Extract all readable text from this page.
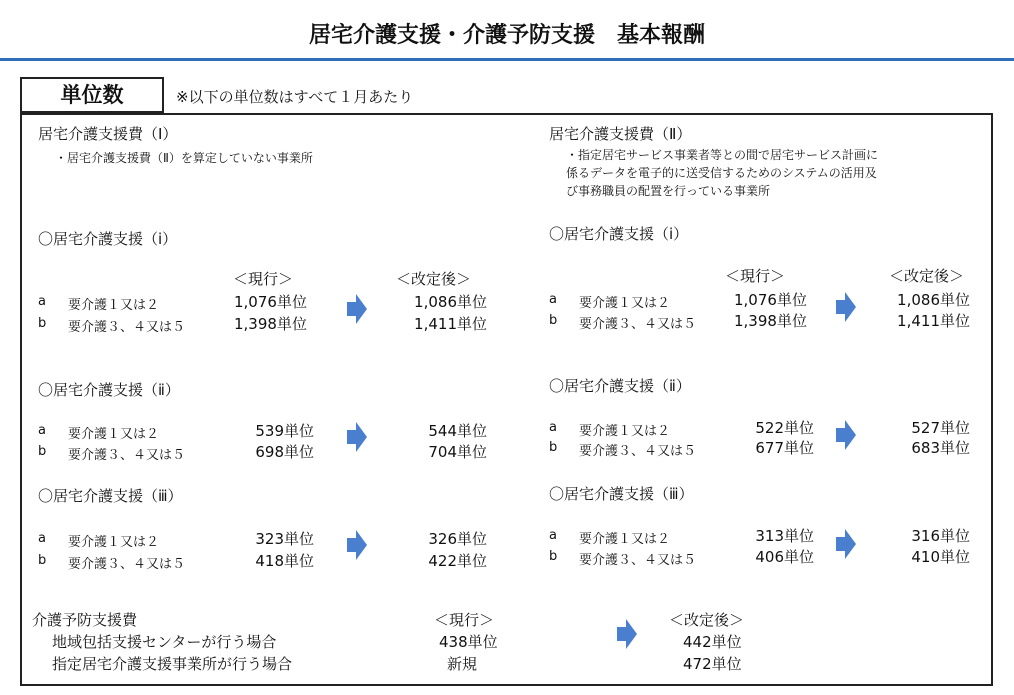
居宅介護支援・介護予防支援　基本報酬
単位数	※以下の単位数はすべて１月あたり
居宅介護支援費（Ⅰ）
・居宅介護支援費（Ⅱ）を算定していない事業所
〇居宅介護支援（ⅰ）
＜現行＞	＜改定後＞
a 要介護１又は２	1,076単位	1,086単位
b 要介護３、４又は５	1,398単位	1,411単位
〇居宅介護支援（ⅱ）
a 要介護１又は２	539単位	544単位
b 要介護３、４又は５	698単位	704単位
〇居宅介護支援（ⅲ）
a 要介護１又は２	323単位	326単位
b 要介護３、４又は５	418単位	422単位
居宅介護支援費（Ⅱ）
・指定居宅サービス事業者等との間で居宅サービス計画に
係るデータを電子的に送受信するためのシステムの活用及
び事務職員の配置を行っている事業所
〇居宅介護支援（ⅰ）
＜現行＞	＜改定後＞
a 要介護１又は２	1,076単位	1,086単位
b 要介護３、４又は５	1,398単位	1,411単位
〇居宅介護支援（ⅱ）
a 要介護１又は２	522単位	527単位
b 要介護３、４又は５	677単位	683単位
〇居宅介護支援（ⅲ）
a 要介護１又は２	313単位	316単位
b 要介護３、４又は５	406単位	410単位
介護予防支援費	＜現行＞	＜改定後＞
地域包括支援センターが行う場合	438単位	442単位
指定居宅介護支援事業所が行う場合	新規	472単位
